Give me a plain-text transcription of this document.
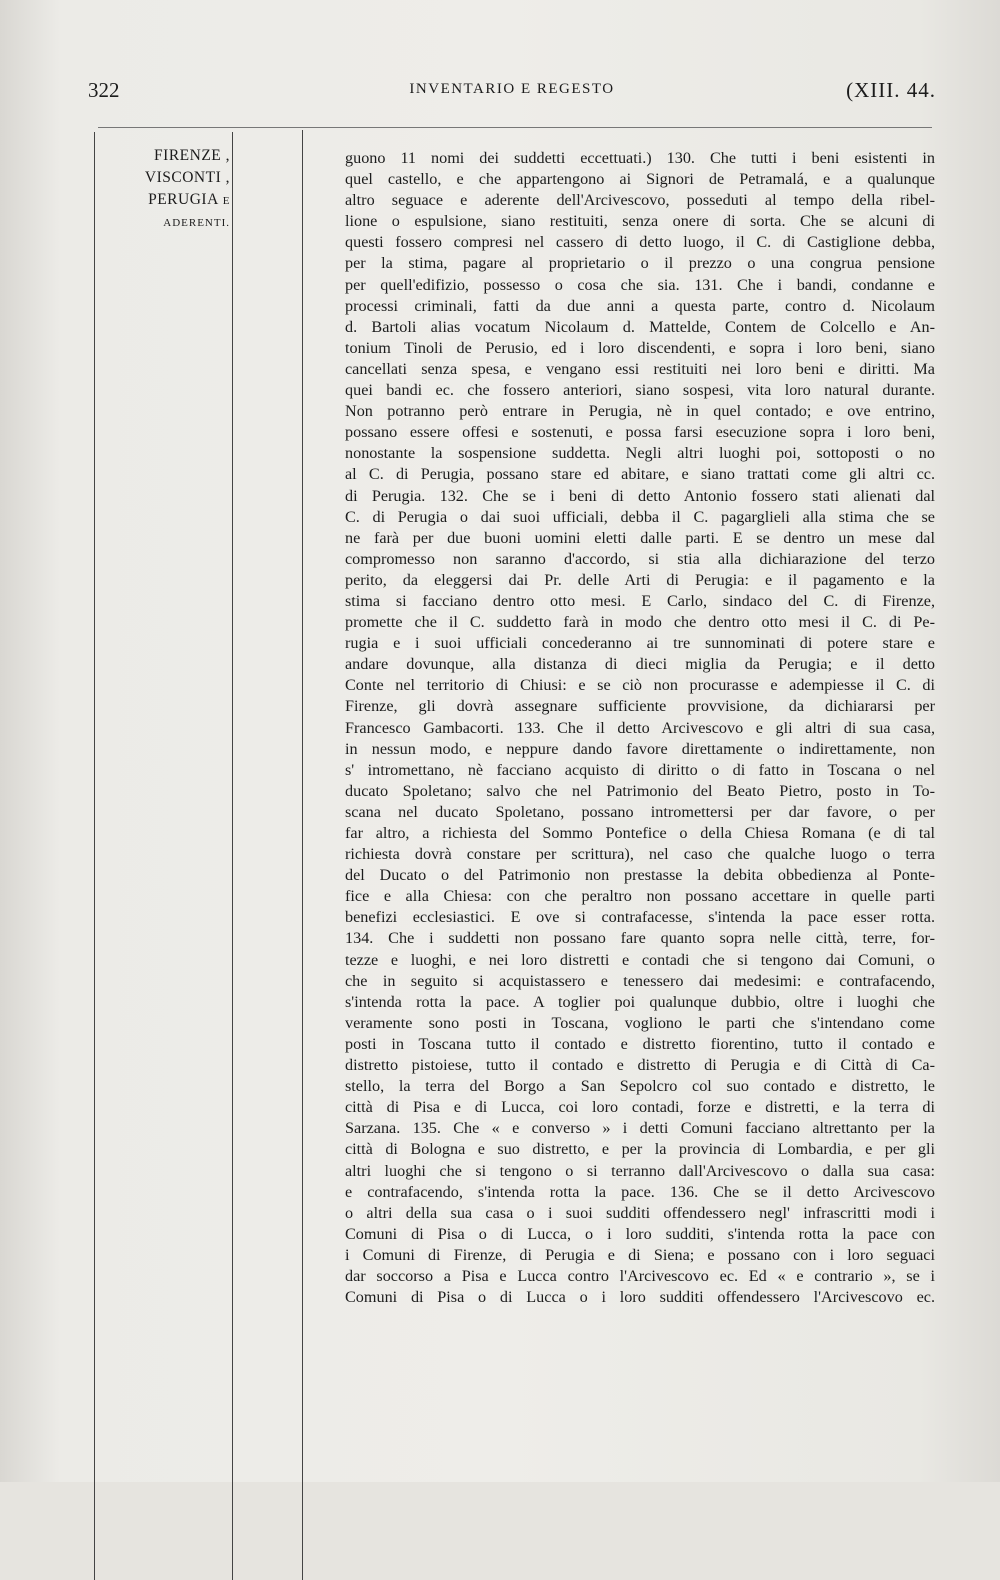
322	INVENTARIO E REGESTO	(XIII. 44.
FIRENZE ,
VISCONTI ,
PERUGIA E
ADERENTI.
guono 11 nomi dei suddetti eccettuati.) 130. Che tutti i beni esistenti in
quel castello, e che appartengono ai Signori de Petramalá, e a qualunque
altro seguace e aderente dell'Arcivescovo, posseduti al tempo della ribel-
lione o espulsione, siano restituiti, senza onere di sorta. Che se alcuni di
questi fossero compresi nel cassero di detto luogo, il C. di Castiglione debba,
per la stima, pagare al proprietario o il prezzo o una congrua pensione
per quell'edifizio, possesso o cosa che sia. 131. Che i bandi, condanne e
processi criminali, fatti da due anni a questa parte, contro d. Nicolaum
d. Bartoli alias vocatum Nicolaum d. Mattelde, Contem de Colcello e An-
tonium Tinoli de Perusio, ed i loro discendenti, e sopra i loro beni, siano
cancellati senza spesa, e vengano essi restituiti nei loro beni e diritti. Ma
quei bandi ec. che fossero anteriori, siano sospesi, vita loro natural durante.
Non potranno però entrare in Perugia, nè in quel contado; e ove entrino,
possano essere offesi e sostenuti, e possa farsi esecuzione sopra i loro beni,
nonostante la sospensione suddetta. Negli altri luoghi poi, sottoposti o no
al C. di Perugia, possano stare ed abitare, e siano trattati come gli altri cc.
di Perugia. 132. Che se i beni di detto Antonio fossero stati alienati dal
C. di Perugia o dai suoi ufficiali, debba il C. pagarglieli alla stima che se
ne farà per due buoni uomini eletti dalle parti. E se dentro un mese dal
compromesso non saranno d'accordo, si stia alla dichiarazione del terzo
perito, da eleggersi dai Pr. delle Arti di Perugia: e il pagamento e la
stima si facciano dentro otto mesi. E Carlo, sindaco del C. di Firenze,
promette che il C. suddetto farà in modo che dentro otto mesi il C. di Pe-
rugia e i suoi ufficiali concederanno ai tre sunnominati di potere stare e
andare dovunque, alla distanza di dieci miglia da Perugia; e il detto
Conte nel territorio di Chiusi: e se ciò non procurasse e adempiesse il C. di
Firenze, gli dovrà assegnare sufficiente provvisione, da dichiararsi per
Francesco Gambacorti. 133. Che il detto Arcivescovo e gli altri di sua casa,
in nessun modo, e neppure dando favore direttamente o indirettamente, non
s' intromettano, nè facciano acquisto di diritto o di fatto in Toscana o nel
ducato Spoletano; salvo che nel Patrimonio del Beato Pietro, posto in To-
scana nel ducato Spoletano, possano intromettersi per dar favore, o per
far altro, a richiesta del Sommo Pontefice o della Chiesa Romana (e di tal
richiesta dovrà constare per scrittura), nel caso che qualche luogo o terra
del Ducato o del Patrimonio non prestasse la debita obbedienza al Ponte-
fice e alla Chiesa: con che peraltro non possano accettare in quelle parti
benefizi ecclesiastici. E ove si contrafacesse, s'intenda la pace esser rotta.
134. Che i suddetti non possano fare quanto sopra nelle città, terre, for-
tezze e luoghi, e nei loro distretti e contadi che si tengono dai Comuni, o
che in seguito si acquistassero e tenessero dai medesimi: e contrafacendo,
s'intenda rotta la pace. A toglier poi qualunque dubbio, oltre i luoghi che
veramente sono posti in Toscana, vogliono le parti che s'intendano come
posti in Toscana tutto il contado e distretto fiorentino, tutto il contado e
distretto pistoiese, tutto il contado e distretto di Perugia e di Città di Ca-
stello, la terra del Borgo a San Sepolcro col suo contado e distretto, le
città di Pisa e di Lucca, coi loro contadi, forze e distretti, e la terra di
Sarzana. 135. Che « e converso » i detti Comuni facciano altrettanto per la
città di Bologna e suo distretto, e per la provincia di Lombardia, e per gli
altri luoghi che si tengono o si terranno dall'Arcivescovo o dalla sua casa:
e contrafacendo, s'intenda rotta la pace. 136. Che se il detto Arcivescovo
o altri della sua casa o i suoi sudditi offendessero negl' infrascritti modi i
Comuni di Pisa o di Lucca, o i loro sudditi, s'intenda rotta la pace con
i Comuni di Firenze, di Perugia e di Siena; e possano con i loro seguaci
dar soccorso a Pisa e Lucca contro l'Arcivescovo ec. Ed « e contrario », se i
Comuni di Pisa o di Lucca o i loro sudditi offendessero l'Arcivescovo ec.
